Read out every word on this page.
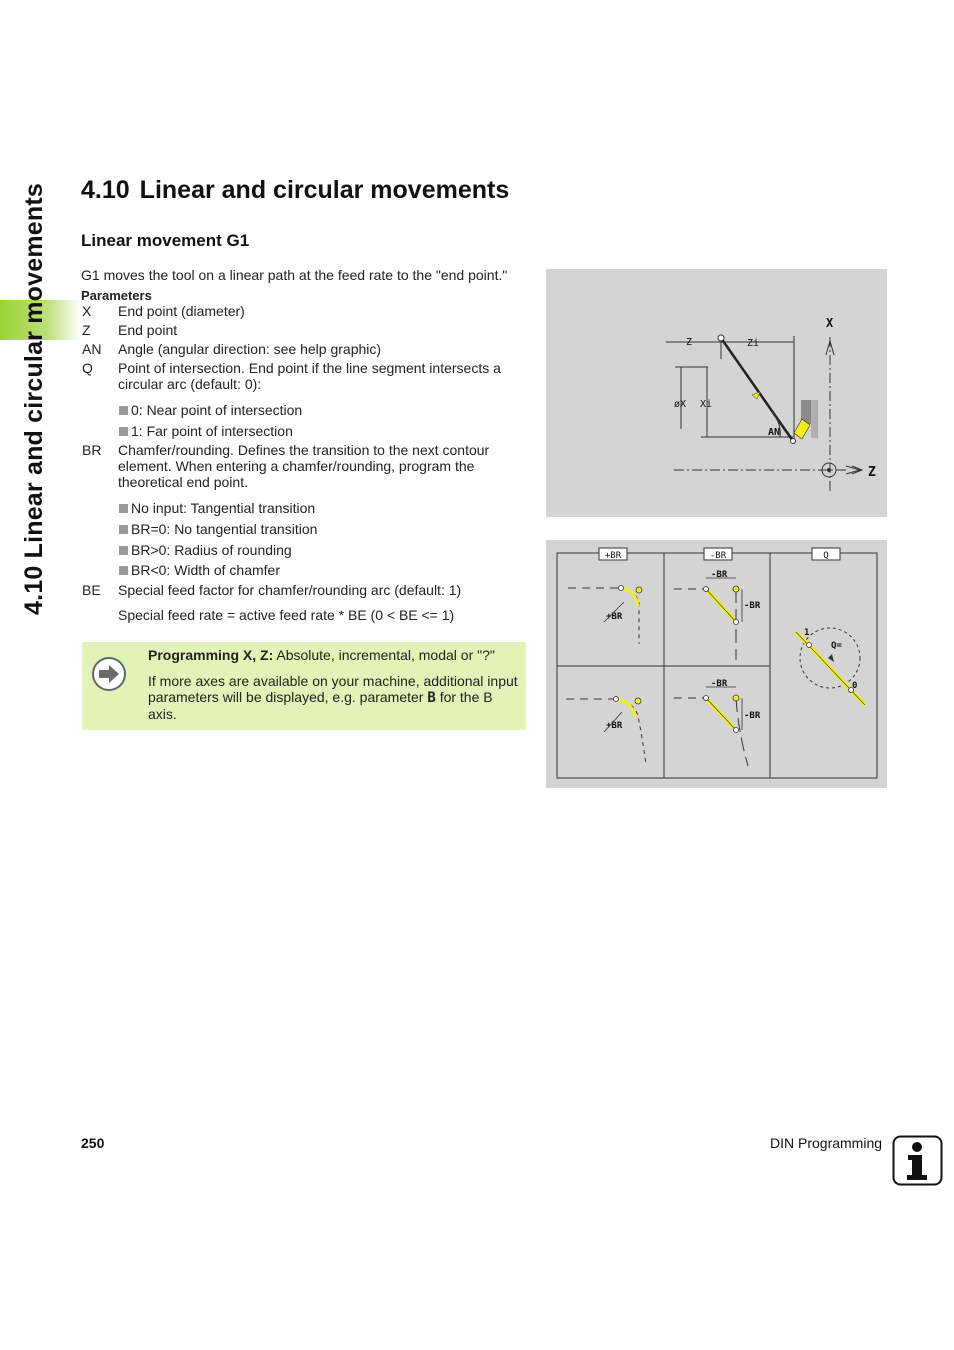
4.10 Linear and circular movements 4.10 Linear and circular movements
Linear movement G1
G1 moves the tool on a linear path at the feed rate to the "end point."
Parameters
X End point (diameter)
Z End point
AN Angle (angular direction: see help graphic)
Q Point of intersection. End point if the line segment intersects a circular arc (default: 0):
0: Near point of intersection
1: Far point of intersection
BR Chamfer/rounding. Defines the transition to the next contour element. When entering a chamfer/rounding, program the theoretical end point.
No input: Tangential transition
BR=0: No tangential transition
BR>0: Radius of rounding
BR<0: Width of chamfer
BE Special feed factor for chamfer/rounding arc (default: 1)
Special feed rate = active feed rate * BE (0 < BE <= 1)
Programming X, Z: Absolute, incremental, modal or "?"
If more axes are available on your machine, additional input parameters will be displayed, e.g. parameter B for the B axis.
X
Z
Z	Zi
øX Xi
AN
+BR	-BR	Q
+BR
-BR
-BR
+BR
-BR
-BR
1
Q=
0
250	DIN Programming
